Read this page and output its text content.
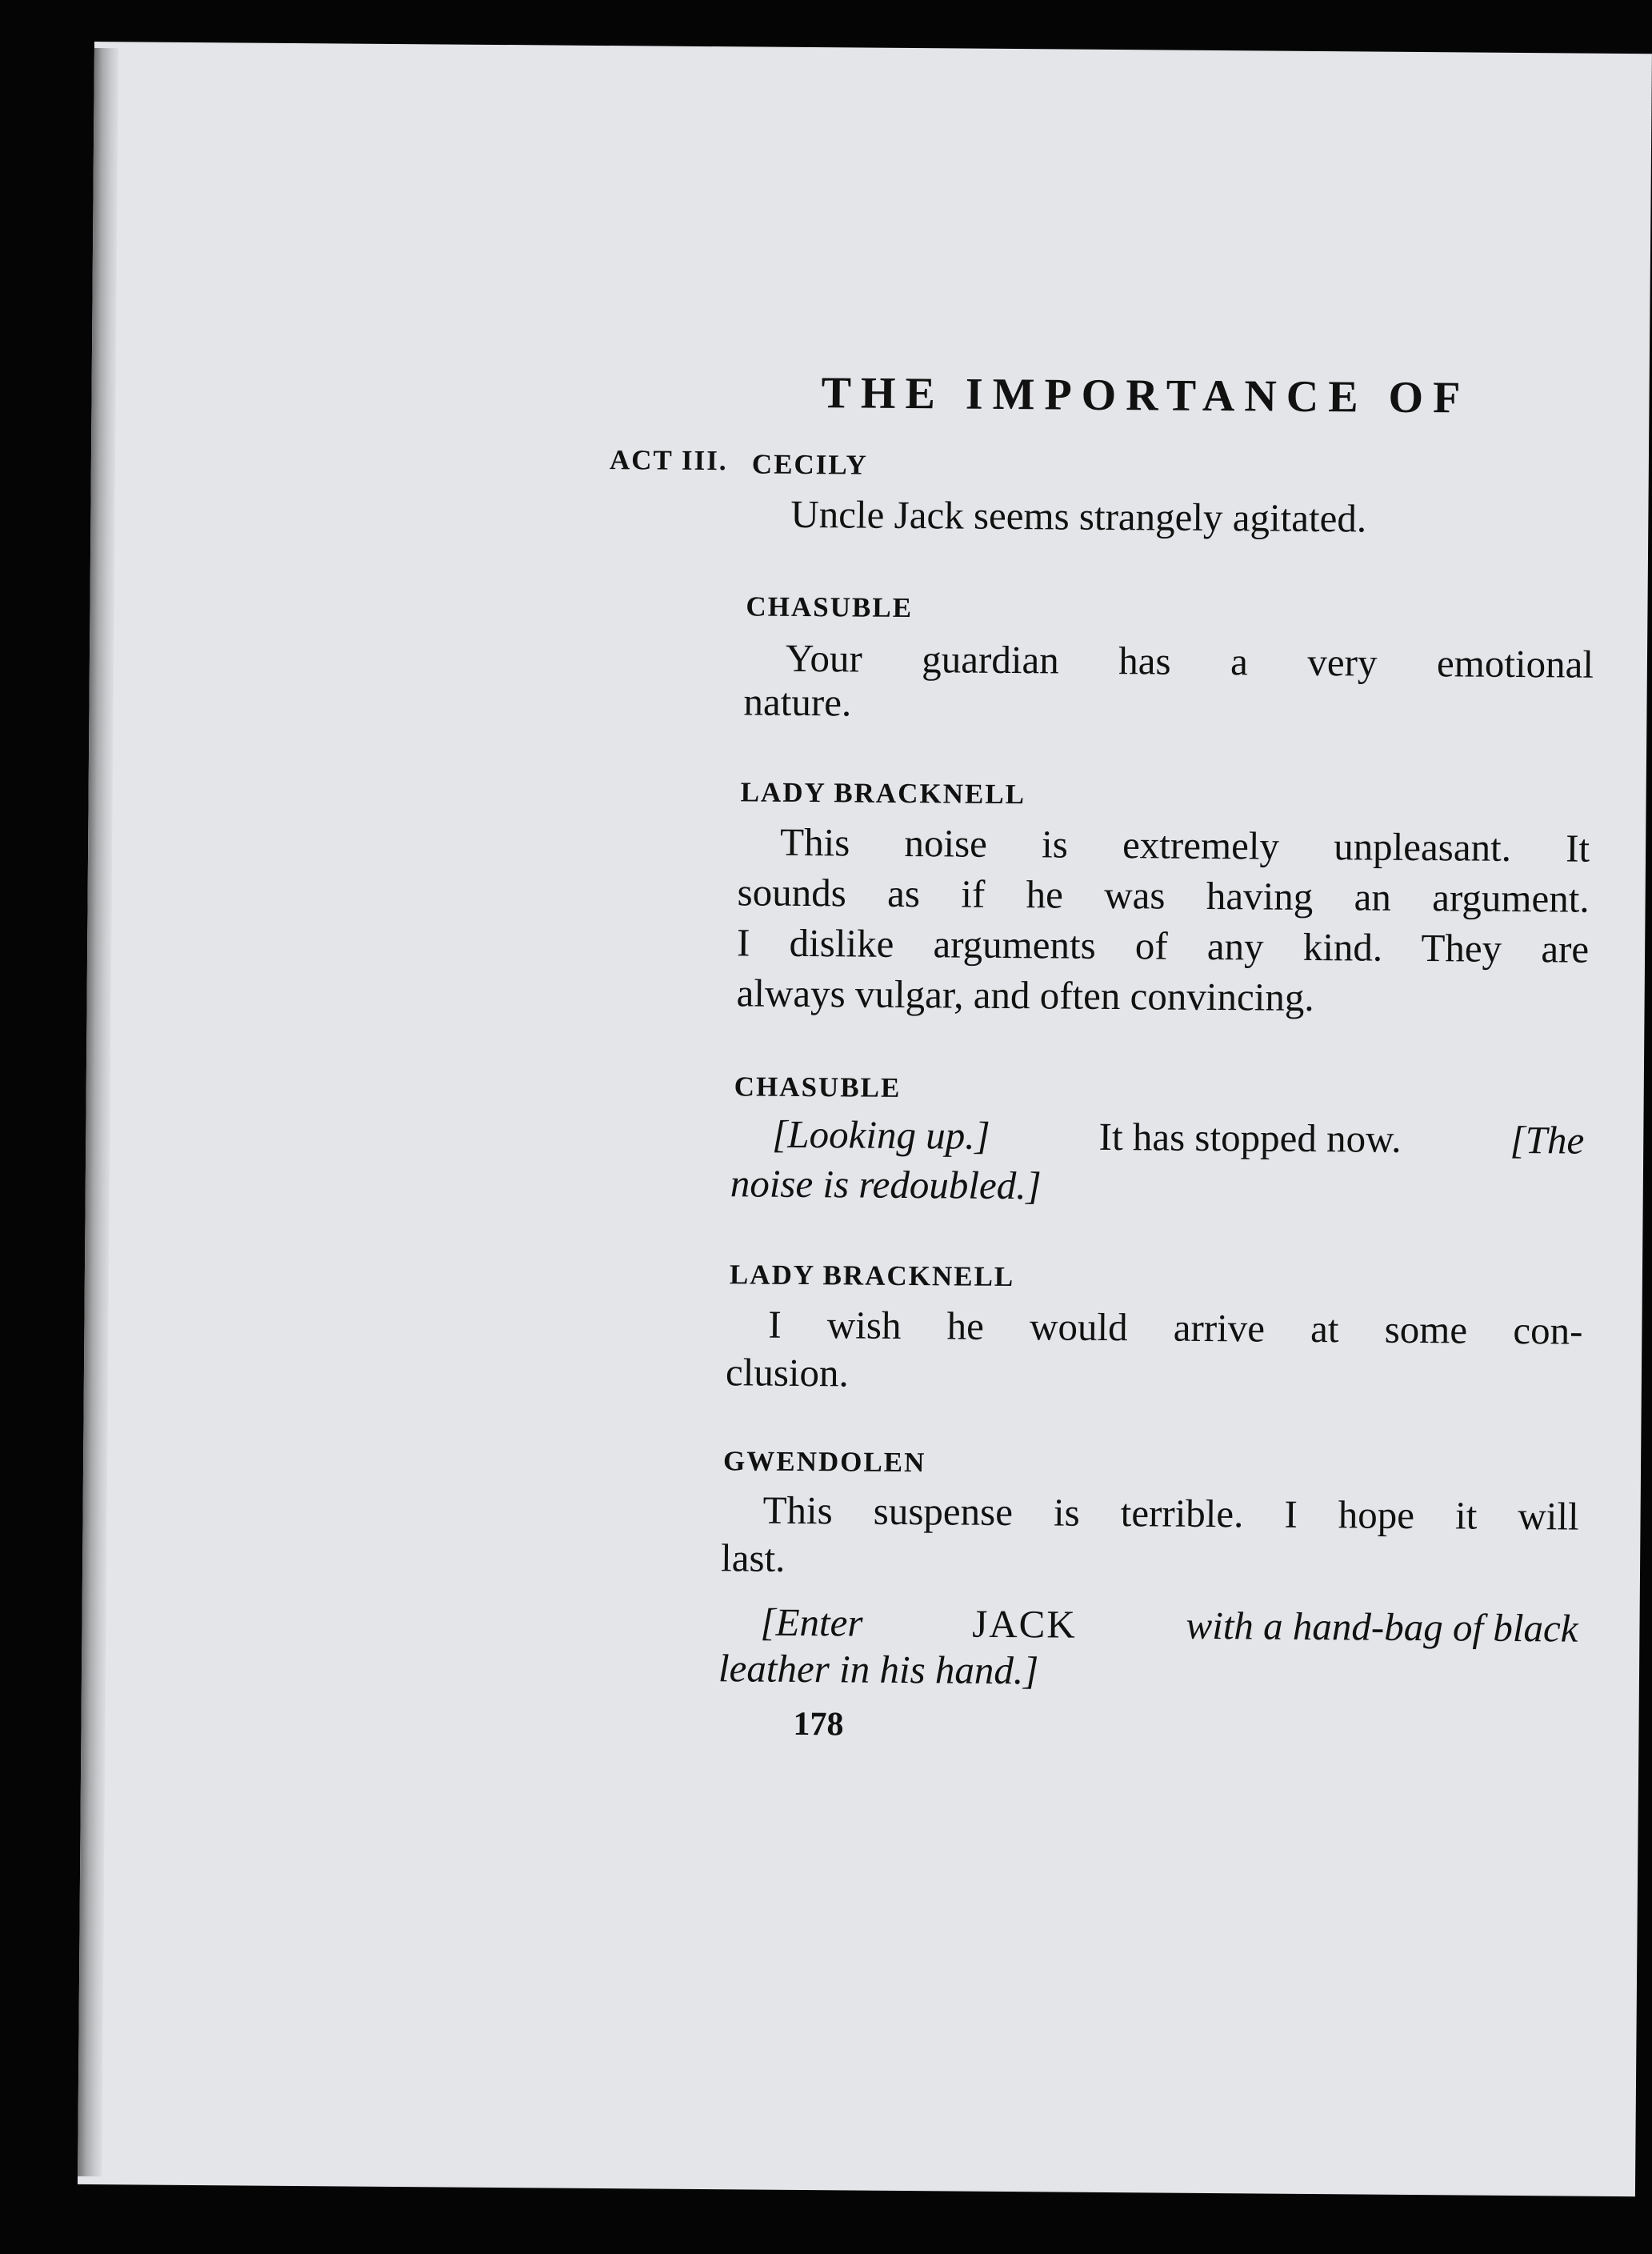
THE IMPORTANCE OF
ACT III. CECILY
Uncle Jack seems strangely agitated.
CHASUBLE
Your guardian has a very emotional
nature.
LADY BRACKNELL
This noise is extremely unpleasant. It
sounds as if he was having an argument.
I dislike arguments of any kind. They are
always vulgar, and often convincing.
CHASUBLE
[Looking up.]	It has stopped now.	[The
noise is redoubled.]
LADY BRACKNELL
I wish he would arrive at some con-
clusion.
GWENDOLEN
This suspense is terrible. I hope it will
last.
[Enter	JACK	with a hand-bag of black
leather in his hand.]
178
